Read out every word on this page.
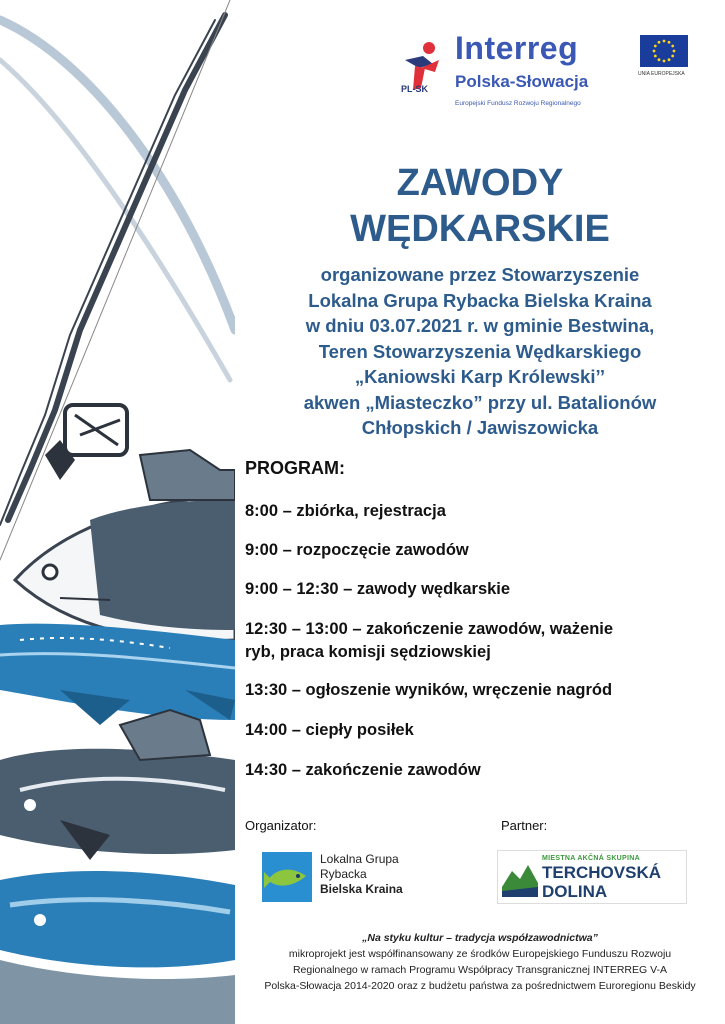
PL-SK
Interreg
Polska-Słowacja
Europejski Fundusz Rozwoju Regionalnego
UNIA EUROPEJSKA
ZAWODY
WĘDKARSKIE
organizowane przez Stowarzyszenie
Lokalna Grupa Rybacka Bielska Kraina
w dniu 03.07.2021 r. w gminie Bestwina,
Teren Stowarzyszenia Wędkarskiego
„Kaniowski Karp Królewski’’
akwen „Miasteczko” przy ul. Batalionów
Chłopskich / Jawiszowicka
PROGRAM:
8:00 – zbiórka, rejestracja
9:00 – rozpoczęcie zawodów
9:00 – 12:30 – zawody wędkarskie
12:30 – 13:00 – zakończenie zawodów, ważenie
ryb, praca komisji sędziowskiej
13:30 – ogłoszenie wyników, wręczenie nagród
14:00 – ciepły posiłek
14:30 – zakończenie zawodów
Organizator:	Partner:
Lokalna Grupa
Rybacka
Bielska Kraina
MIESTNA AKČNÁ SKUPINA
TERCHOVSKÁ
DOLINA
„Na styku kultur – tradycja współzawodnictwa”
mikroprojekt jest współfinansowany ze środków Europejskiego Funduszu Rozwoju
Regionalnego w ramach Programu Współpracy Transgranicznej INTERREG V-A
Polska-Słowacja 2014-2020 oraz z budżetu państwa za pośrednictwem Euroregionu Beskidy
